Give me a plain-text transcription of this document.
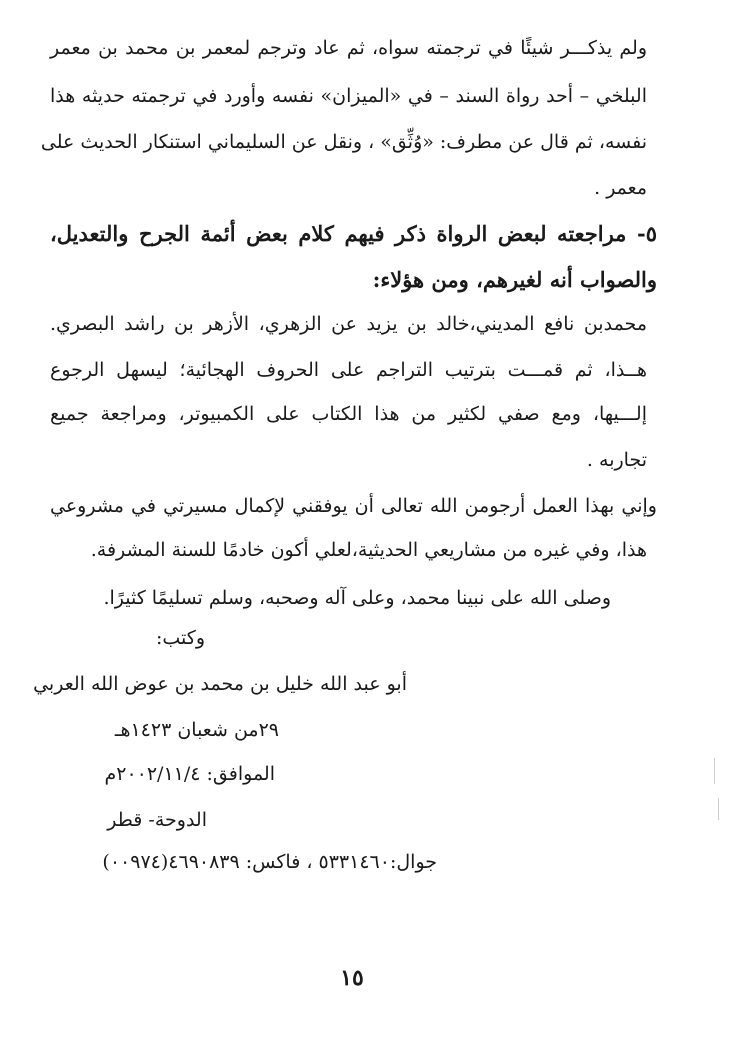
ولم يذكـــر شيئًا في ترجمته سواه، ثم عاد وترجم لمعمر بن محمد بن معمر
البلخي – أحد رواة السند – في «الميزان» نفسه وأورد في ترجمته حديثه هذا
نفسه، ثم قال عن مطرف: «وُثِّق» ، ونقل عن السليماني استنكار الحديث على
معمر .
٥- مراجعته لبعض الرواة ذكر فيهم كلام بعض أئمة الجرح والتعديل،
والصواب أنه لغيرهم، ومن هؤلاء:
محمدبن نافع المديني،خالد بن يزيد عن الزهري، الأزهر بن راشد البصري.
هــذا، ثم قمـــت بترتيب التراجم على الحروف الهجائية؛ ليسهل الرجوع
إلـــيها، ومع صفي لكثير من هذا الكتاب على الكمبيوتر، ومراجعة جميع
تجاربه .
وإني بهذا العمل أرجومن الله تعالى أن يوفقني لإكمال مسيرتي في مشروعي
هذا، وفي غيره من مشاريعي الحديثية،لعلي أكون خادمًا للسنة المشرفة.
وصلى الله على نبينا محمد، وعلى آله وصحبه، وسلم تسليمًا كثيرًا.
وكتب:
أبو عبد الله خليل بن محمد بن عوض الله العربي
٢٩من شعبان ١٤٢٣هـ
الموافق: ٢٠٠٢/١١/٤م
الدوحة- قطر
جوال:٥٣٣١٤٦٠ ، فاكس: ٤٦٩٠٨٣٩(٠٠٩٧٤)
١٥
